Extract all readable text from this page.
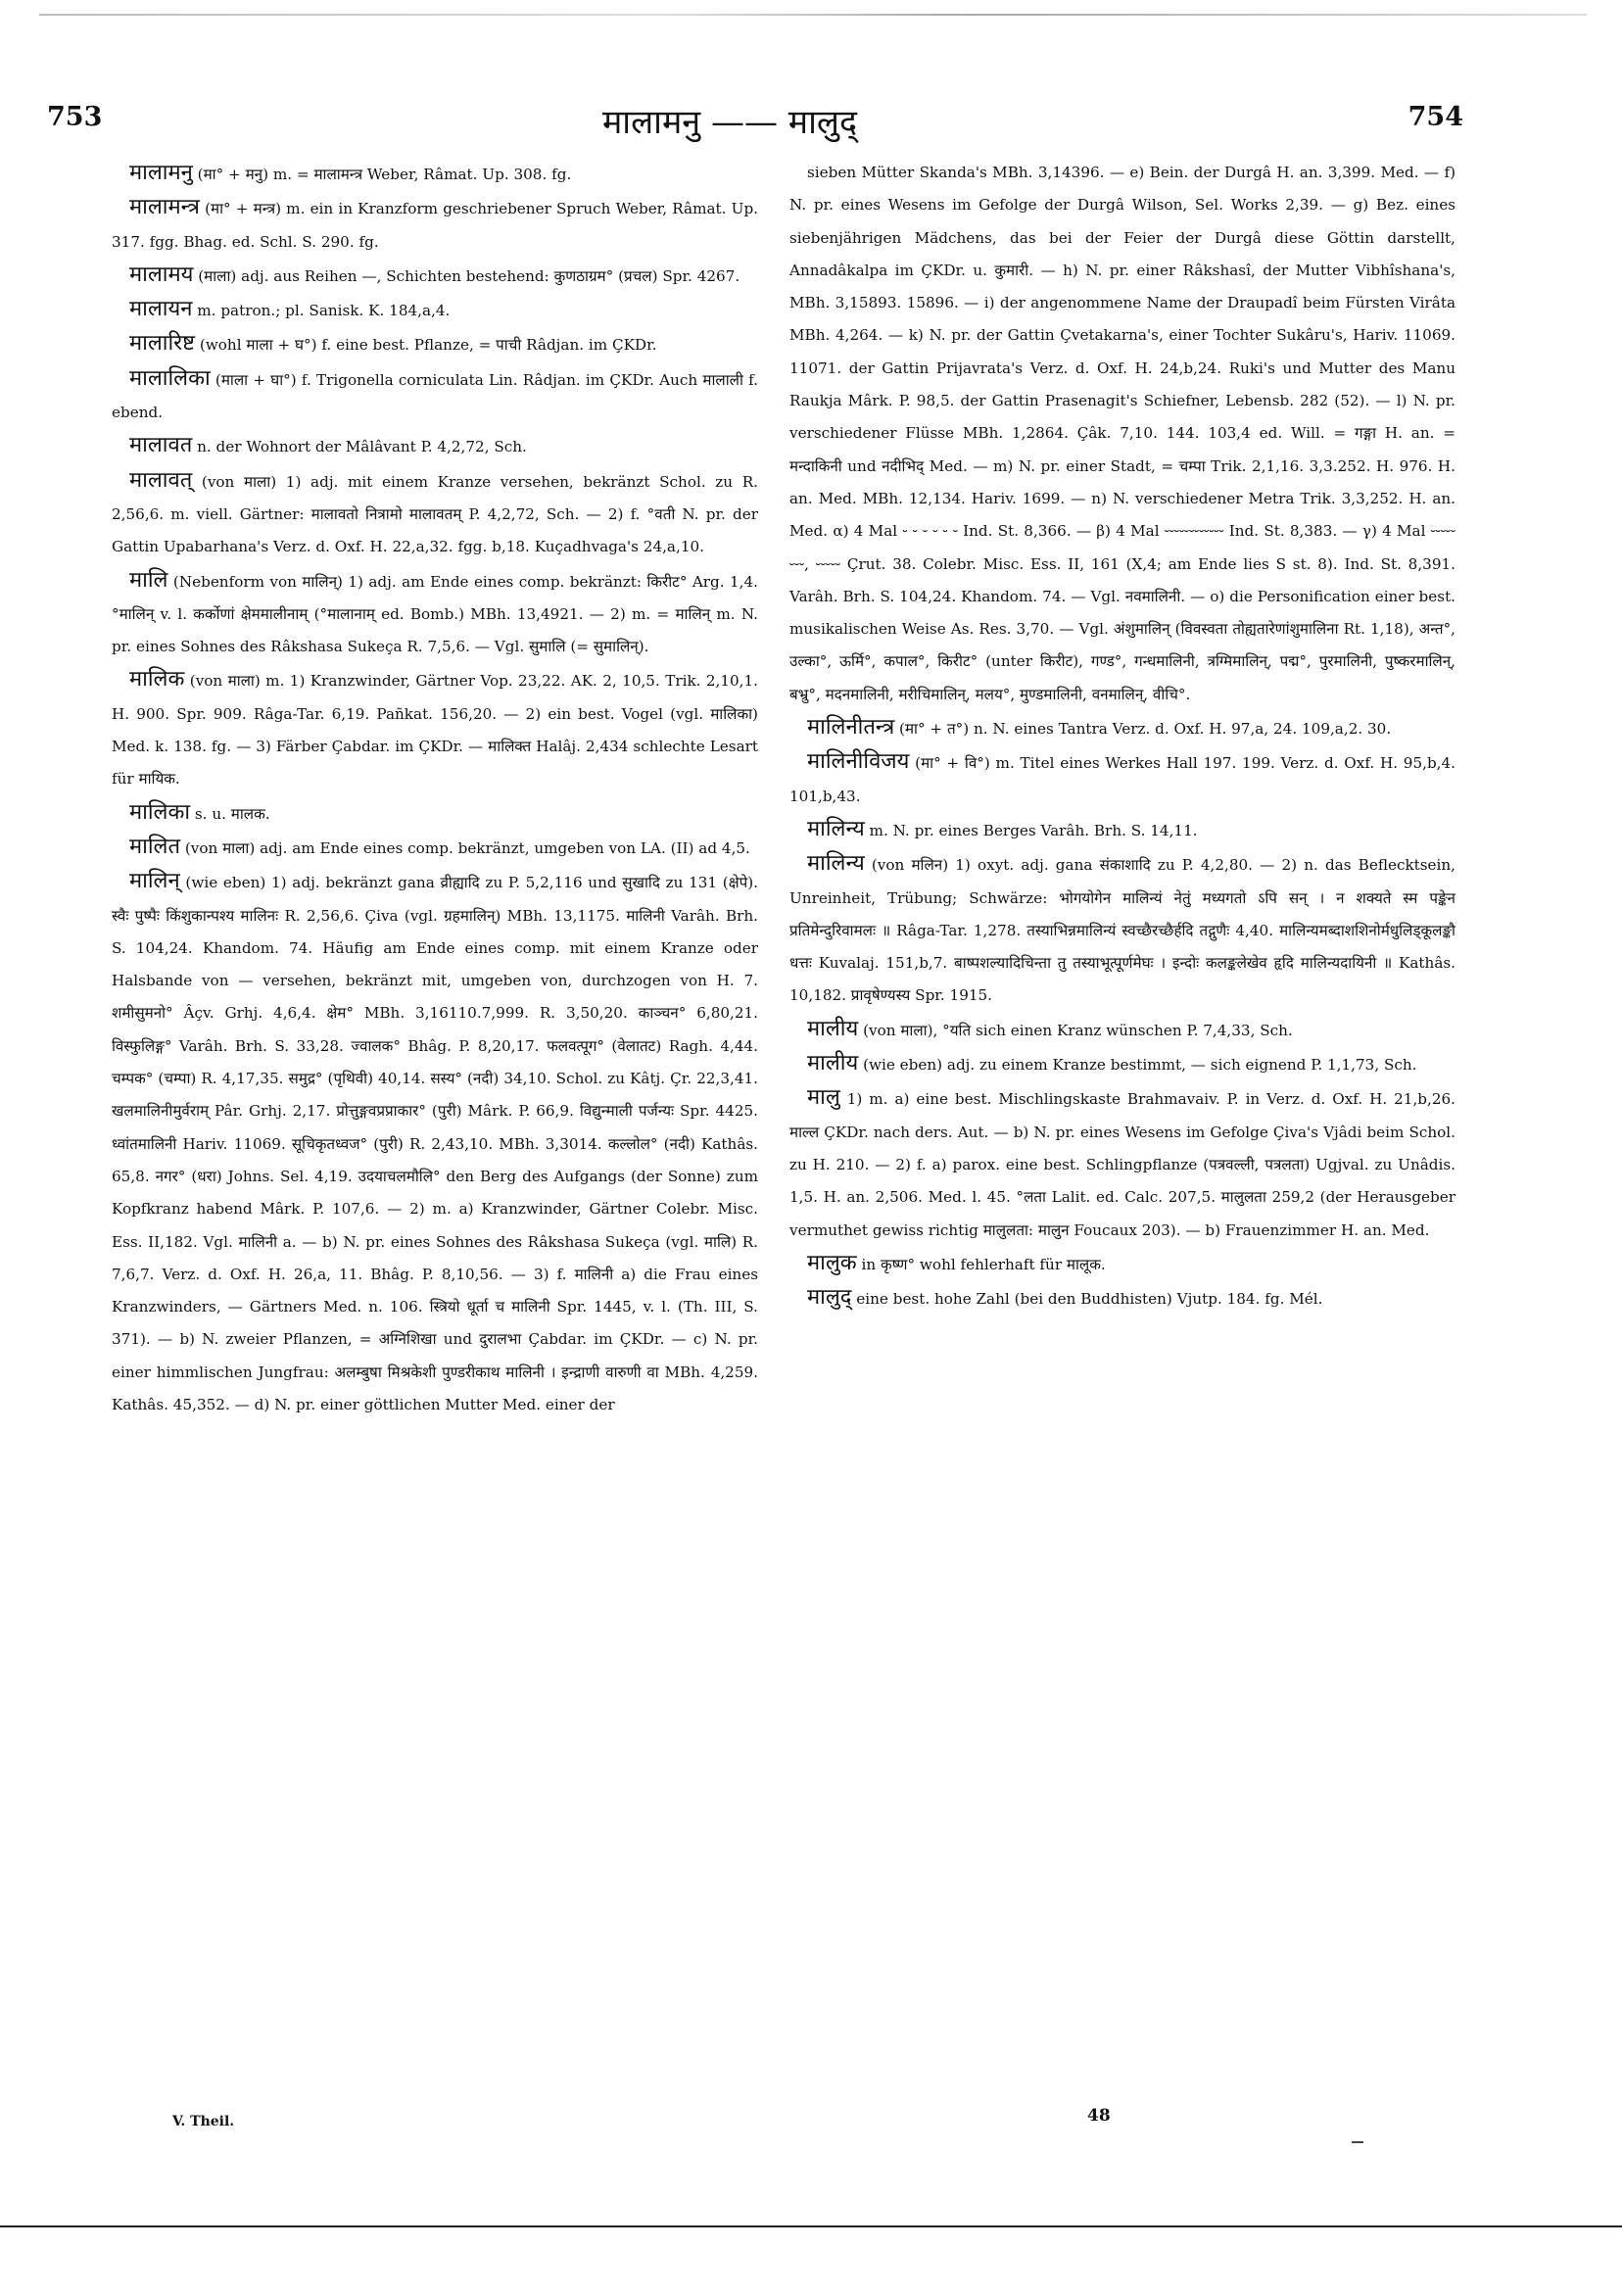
753	मालामनु —— मालुद्	754

मालामनु (मा° + मनु) m. = मालामन्त्र Weber, Râmat. Up. 308. fg.

मालामन्त्र (मा° + मन्त्र) m. ein in Kranzform geschriebener Spruch Weber, Râmat. Up. 317. fgg. Bhag. ed. Schl. S. 290. fg.

मालामय (माला) adj. aus Reihen —, Schichten bestehend: कुणठाग्रम° (प्रचल) Spr. 4267.

मालायन m. patron.; pl. Sanisk. K. 184,a,4.

मालारिष्ट (wohl माला + घ°) f. eine best. Pflanze, = पाची Râdjan. im ÇKDr.

मालालिका (माला + घा°) f. Trigonella corniculata Lin. Râdjan. im ÇKDr. Auch मालाली f. ebend.

मालावत n. der Wohnort der Mâlâvant P. 4,2,72, Sch.

मालावत् (von माला) 1) adj. mit einem Kranze versehen, bekränzt Schol. zu R. 2,56,6. m. viell. Gärtner: मालावतो नित्रामो मालावतम् P. 4,2,72, Sch. — 2) f. °वती N. pr. der Gattin Upabarhana's Verz. d. Oxf. H. 22,a,32. fgg. b,18. Kuçadhvaga's 24,a,10.

मालि (Nebenform von मालिन्) 1) adj. am Ende eines comp. bekränzt: किरीट° Arg. 1,4. °मालिन् v. l. कर्कोणां क्षेममालीनाम् (°मालानाम् ed. Bomb.) MBh. 13,4921. — 2) m. = मालिन् m. N. pr. eines Sohnes des Râkshasa Sukeça R. 7,5,6. — Vgl. सुमालि (= सुमालिन्).

मालिक (von माला) m. 1) Kranzwinder, Gärtner Vop. 23,22. AK. 2, 10,5. Trik. 2,10,1. H. 900. Spr. 909. Râga-Tar. 6,19. Pañkat. 156,20. — 2) ein best. Vogel (vgl. मालिका) Med. k. 138. fg. — 3) Färber Çabdar. im ÇKDr. — मालिक्त Halâj. 2,434 schlechte Lesart für मायिक.

मालिका s. u. मालक.

मालित (von माला) adj. am Ende eines comp. bekränzt, umgeben von LA. (II) ad 4,5.

मालिन् (wie eben) 1) adj. bekränzt gana व्रीह्यादि zu P. 5,2,116 und सुखादि zu 131 (क्षेपे). स्वैः पुष्पैः किंशुकान्पश्य मालिनः R. 2,56,6. Çiva (vgl. ग्रहमालिन्) MBh. 13,1175. मालिनी Varâh. Brh. S. 104,24. Khandom. 74. Häufig am Ende eines comp. mit einem Kranze oder Halsbande von — versehen, bekränzt mit, umgeben von, durchzogen von H. 7. शमीसुमनो° Âçv. Grhj. 4,6,4. क्षेम° MBh. 3,16110.7,999. R. 3,50,20. काञ्चन° 6,80,21. विस्फुलिङ्ग° Varâh. Brh. S. 33,28. ज्वालक° Bhâg. P. 8,20,17. फलवत्पूग° (वेलातट) Ragh. 4,44. चम्पक° (चम्पा) R. 4,17,35. समुद्र° (पृथिवी) 40,14. सस्य° (नदी) 34,10. Schol. zu Kâtj. Çr. 22,3,41. खलमालिनीमुर्वराम् Pâr. Grhj. 2,17. प्रोत्तुङ्गवप्रप्राकार° (पुरी) Mârk. P. 66,9. विद्युन्माली पर्जन्यः Spr. 4425. ध्वांतमालिनी Hariv. 11069. सूचिकृतध्वज° (पुरी) R. 2,43,10. MBh. 3,3014. कल्लोल° (नदी) Kathâs. 65,8. नगर° (धरा) Johns. Sel. 4,19. उदयाचलमौलि° den Berg des Aufgangs (der Sonne) zum Kopfkranz habend Mârk. P. 107,6. — 2) m. a) Kranzwinder, Gärtner Colebr. Misc. Ess. II,182. Vgl. मालिनी a. — b) N. pr. eines Sohnes des Râkshasa Sukeça (vgl. मालि) R. 7,6,7. Verz. d. Oxf. H. 26,a, 11. Bhâg. P. 8,10,56. — 3) f. मालिनी a) die Frau eines Kranzwinders, — Gärtners Med. n. 106. स्त्रियो धूर्ता च मालिनी Spr. 1445, v. l. (Th. III, S. 371). — b) N. zweier Pflanzen, = अग्निशिखा und दुरालभा Çabdar. im ÇKDr. — c) N. pr. einer himmlischen Jungfrau: अलम्बुषा मिश्रकेशी पुण्डरीकाथ मालिनी । इन्द्राणी वारुणी वा MBh. 4,259. Kathâs. 45,352. — d) N. pr. einer göttlichen Mutter Med. einer der

sieben Mütter Skanda's MBh. 3,14396. — e) Bein. der Durgâ H. an. 3,399. Med. — f) N. pr. eines Wesens im Gefolge der Durgâ Wilson, Sel. Works 2,39. — g) Bez. eines siebenjährigen Mädchens, das bei der Feier der Durgâ diese Göttin darstellt, Annadâkalpa im ÇKDr. u. कुमारी. — h) N. pr. einer Râkshasî, der Mutter Vibhîshana's, MBh. 3,15893. 15896. — i) der angenommene Name der Draupadî beim Fürsten Virâta MBh. 4,264. — k) N. pr. der Gattin Çvetakarna's, einer Tochter Sukâru's, Hariv. 11069. 11071. der Gattin Prijavrata's Verz. d. Oxf. H. 24,b,24. Ruki's und Mutter des Manu Raukja Mârk. P. 98,5. der Gattin Prasenagit's Schiefner, Lebensb. 282 (52). — l) N. pr. verschiedener Flüsse MBh. 1,2864. Çâk. 7,10. 144. 103,4 ed. Will. = गङ्गा H. an. = मन्दाकिनी und नदीभिद् Med. — m) N. pr. einer Stadt, = चम्पा Trik. 2,1,16. 3,3.252. H. 976. H. an. Med. MBh. 12,134. Hariv. 1699. — n) N. verschiedener Metra Trik. 3,3,252. H. an. Med. α) 4 Mal ⏑ ⏑ ⏑ ⏑ ⏑ ⏑ Ind. St. 8,366. — β) 4 Mal ⏑⏑⏑⏑⏑⏑⏑⏑⏑⏑⏑⏑ Ind. St. 8,383. — γ) 4 Mal ⏑⏑⏑⏑⏑ ⏑⏑⏑, ⏑⏑⏑⏑⏑ Çrut. 38. Colebr. Misc. Ess. II, 161 (X,4; am Ende lies S st. 8). Ind. St. 8,391. Varâh. Brh. S. 104,24. Khandom. 74. — Vgl. नवमालिनी. — o) die Personification einer best. musikalischen Weise As. Res. 3,70. — Vgl. अंशुमालिन् (विवस्वता तोह्यतारेणांशुमालिना Rt. 1,18), अन्त°, उल्का°, ऊर्मि°, कपाल°, किरीट° (unter किरीट), गण्ड°, गन्धमालिनी, त्रग्मिमालिन्, पद्म°, पुरमालिनी, पुष्करमालिन्, बभ्रु°, मदनमालिनी, मरीचिमालिन्, मलय°, मुण्डमालिनी, वनमालिन्, वीचि°.

मालिनीतन्त्र (मा° + त°) n. N. eines Tantra Verz. d. Oxf. H. 97,a, 24. 109,a,2. 30.

मालिनीविजय (मा° + वि°) m. Titel eines Werkes Hall 197. 199. Verz. d. Oxf. H. 95,b,4. 101,b,43.

मालिन्य m. N. pr. eines Berges Varâh. Brh. S. 14,11.

मालिन्य (von मलिन) 1) oxyt. adj. gana संकाशादि zu P. 4,2,80. — 2) n. das Beflecktsein, Unreinheit, Trübung; Schwärze: भोगयोगेन मालिन्यं नेतुं मध्यगतो ऽपि सन् । न शक्यते स्म पङ्केन प्रतिमेन्दुरिवामलः ॥ Râga-Tar. 1,278. तस्याभिन्नमालिन्यं स्वच्छैरच्छैर्हदि तद्गुणैः 4,40. मालिन्यमब्दाशशिनोर्मधुलिड्कूलङ्कौ धत्तः Kuvalaj. 151,b,7. बाष्पशल्यादिचिन्ता तु तस्याभूत्पूर्णमेघः । इन्दोः कलङ्कलेखेव हृदि मालिन्यदायिनी ॥ Kathâs. 10,182. प्रावृषेण्यस्य Spr. 1915.

मालीय (von माला), °यति sich einen Kranz wünschen P. 7,4,33, Sch.

मालीय (wie eben) adj. zu einem Kranze bestimmt, — sich eignend P. 1,1,73, Sch.

मालु 1) m. a) eine best. Mischlingskaste Brahmavaiv. P. in Verz. d. Oxf. H. 21,b,26. माल्ल ÇKDr. nach ders. Aut. — b) N. pr. eines Wesens im Gefolge Çiva's Vjâdi beim Schol. zu H. 210. — 2) f. a) parox. eine best. Schlingpflanze (पत्रवल्ली, पत्रलता) Ugjval. zu Unâdis. 1,5. H. an. 2,506. Med. l. 45. °लता Lalit. ed. Calc. 207,5. मालुलता 259,2 (der Herausgeber vermuthet gewiss richtig मालुलता: मालुन Foucaux 203). — b) Frauenzimmer H. an. Med.

मालुक in कृष्ण° wohl fehlerhaft für मालूक.

मालुद् eine best. hohe Zahl (bei den Buddhisten) Vjutp. 184. fg. Mél.

V. Theil.	48
